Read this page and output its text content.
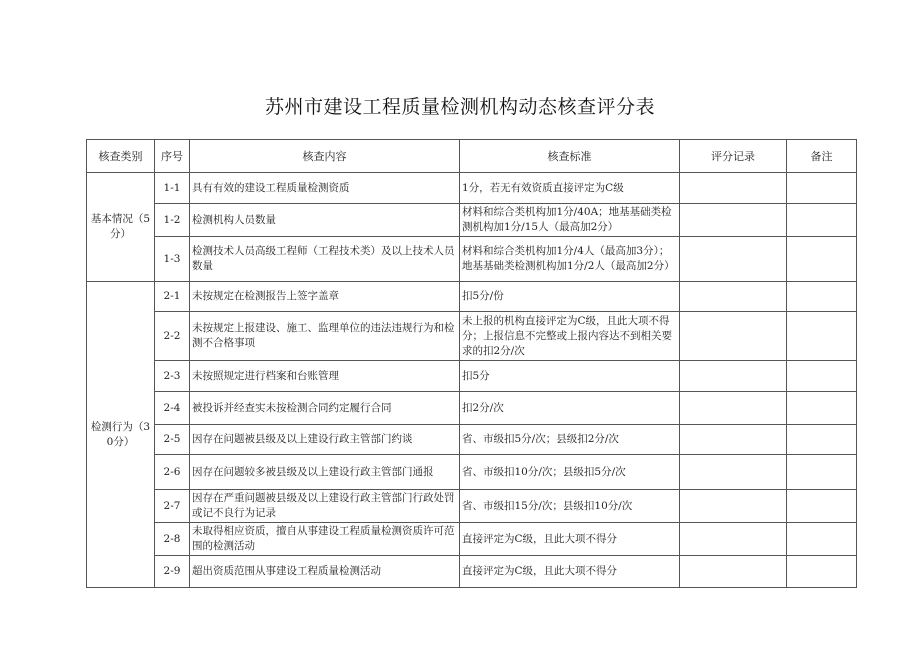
苏州市建设工程质量检测机构动态核查评分表
核查类别	序号	核查内容	核查标准	评分记录	备注
基本情况（5分）	1-1	具有有效的建设工程质量检测资质	1分，若无有效资质直接评定为C级		
	1-2	检测机构人员数量	材料和综合类机构加1分/40A；地基基础类检测机构加1分/15人（最高加2分）		
	1-3	检测技术人员高级工程师（工程技术类）及以上技术人员数量	材料和综合类机构加1分/4人（最高加3分）；地基基础类检测机构加1分/2人（最高加2分）		
检测行为（30分）	2-1	未按规定在检测报告上签字盖章	扣5分/份		
	2-2	未按规定上报建设、施工、监理单位的违法违规行为和检测不合格事项	未上报的机构直接评定为C级，且此大项不得分；上报信息不完整或上报内容达不到相关要求的扣2分/次		
	2-3	未按照规定进行档案和台账管理	扣5分		
	2-4	被投诉并经查实未按检测合同约定履行合同	扣2分/次		
	2-5	因存在问题被县级及以上建设行政主管部门约谈	省、市级扣5分/次；县级扣2分/次		
	2-6	因存在问题较多被县级及以上建设行政主管部门通报	省、市级扣10分/次；县级扣5分/次		
	2-7	因存在严重问题被县级及以上建设行政主管部门行政处罚或记不良行为记录	省、市级扣15分/次；县级扣10分/次		
	2-8	未取得相应资质，擅自从事建设工程质量检测资质许可范围的检测活动	直接评定为C级，且此大项不得分		
	2-9	超出资质范围从事建设工程质量检测活动	直接评定为C级，且此大项不得分		
